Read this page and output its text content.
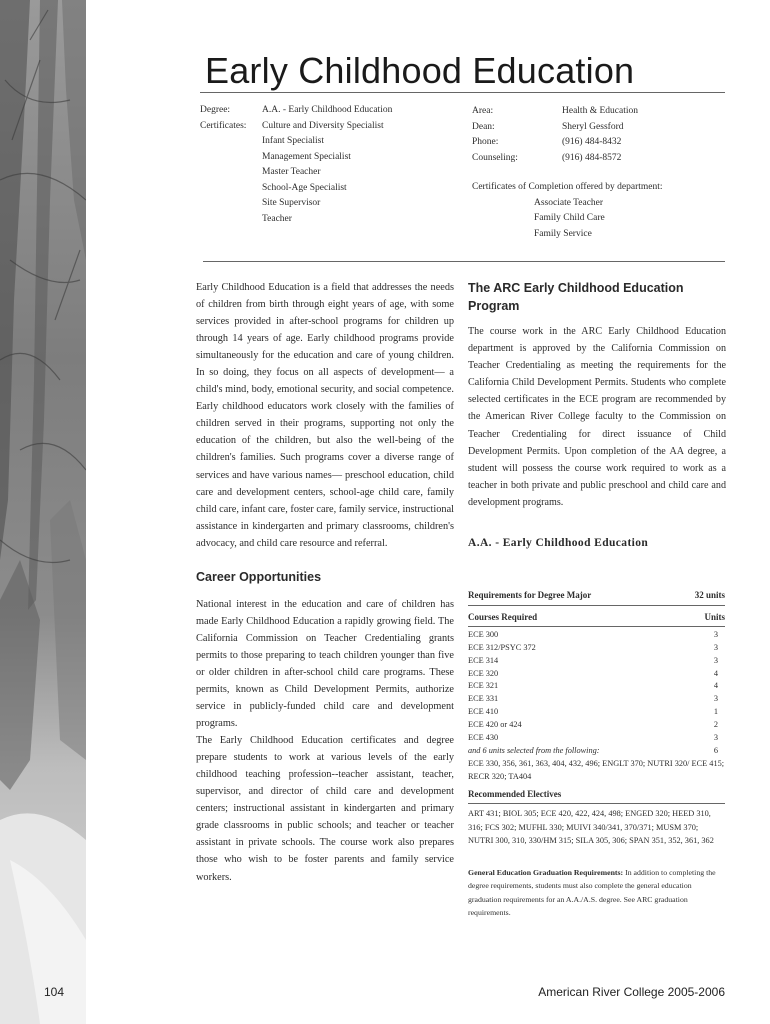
Early Childhood Education
Degree:	A.A. - Early Childhood Education
Certificates:	Culture and Diversity Specialist
Infant Specialist
Management Specialist
Master Teacher
School-Age Specialist
Site Supervisor
Teacher
Area:	Health & Education
Dean:	Sheryl Gessford
Phone:	(916) 484-8432
Counseling:	(916) 484-8572
Certificates of Completion offered by department:
Associate Teacher
Family Child Care
Family Service

Early Childhood Education is a field that addresses the needs of children from birth through eight years of age, with some services provided in after-school programs for children up through 14 years of age. Early childhood programs provide simultaneously for the education and care of young children. In so doing, they focus on all aspects of development— a child's mind, body, emotional security, and social competence. Early childhood educators work closely with the families of children served in their programs, supporting not only the education of the children, but also the well-being of the children's families. Such programs cover a diverse range of services and have various names— preschool education, child care and development centers, school-age child care, family child care, infant care, foster care, family service, instructional assistance in kindergarten and primary classrooms, children's advocacy, and child care resource and referral.

Career Opportunities

National interest in the education and care of children has made Early Childhood Education a rapidly growing field. The California Commission on Teacher Credentialing grants permits to those preparing to teach children younger than five or older children in after-school child care programs. These permits, known as Child Development Permits, authorize service in publicly-funded child care and development programs.

The Early Childhood Education certificates and degree prepare students to work at various levels of the early childhood teaching profession--teacher assistant, teacher, supervisor, and director of child care and development centers; instructional assistant in kindergarten and primary grade classrooms in public schools; and teacher or teacher assistant in private schools. The course work also prepares those who wish to be foster parents and family service workers.

The ARC Early Childhood Education Program

The course work in the ARC Early Childhood Education department is approved by the California Commission on Teacher Credentialing as meeting the requirements for the California Child Development Permits. Students who complete selected certificates in the ECE program are recommended by the American River College faculty to the Commission on Teacher Credentialing for direct issuance of Child Development Permits. Upon completion of the AA degree, a student will possess the course work required to work as a teacher in both private and public preschool and child care and development programs.

A.A. - Early Childhood Education
Requirements for Degree Major	32 units
Courses Required	Units
ECE 300	3
ECE 312/PSYC 372	3
ECE 314	3
ECE 320	4
ECE 321	4
ECE 331	3
ECE 410	1
ECE 420 or 424	2
ECE 430	3
and 6 units selected from the following:	6
ECE 330, 356, 361, 363, 404, 432, 496; ENGLT 370; NUTRI 320/ ECE 415; RECR 320; TA404
Recommended Electives
ART 431; BIOL 305; ECE 420, 422, 424, 498; ENGED 320; HEED 310, 316; FCS 302; MUFHL 330; MUIVI 340/341, 370/371; MUSM 370; NUTRI 300, 310, 330/HM 315; SILA 305, 306; SPAN 351, 352, 361, 362
General Education Graduation Requirements: In addition to completing the degree requirements, students must also complete the general education graduation requirements for an A.A./A.S. degree. See ARC graduation requirements.
104	American River College 2005-2006
